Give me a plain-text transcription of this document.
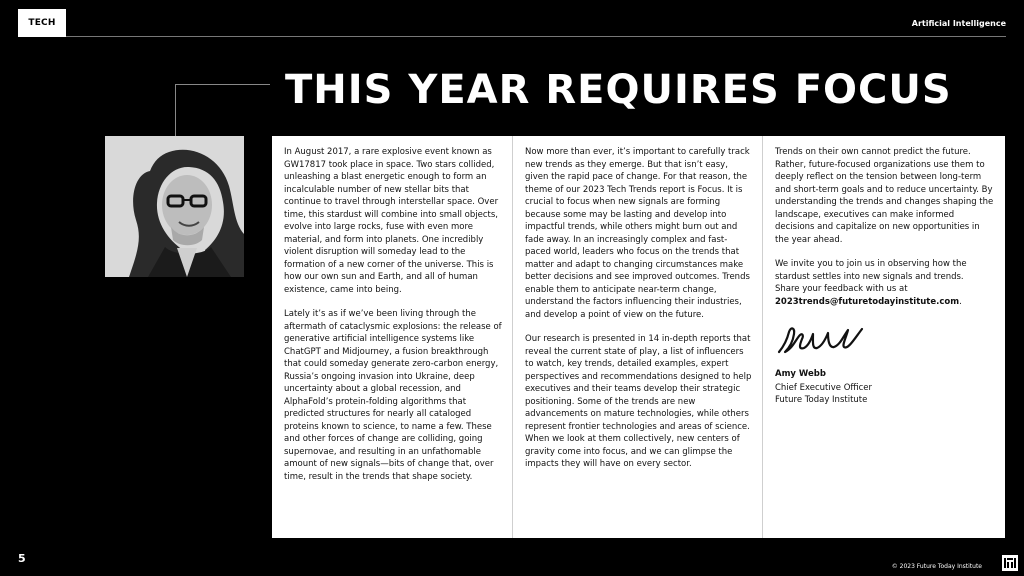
TECH	Artificial Intelligence
THIS YEAR REQUIRES FOCUS

In August 2017, a rare explosive event known as GW17817 took place in space. Two stars collided, unleashing a blast energetic enough to form an incalculable number of new stellar bits that continue to travel through interstellar space. Over time, this stardust will combine into small objects, evolve into large rocks, fuse with even more material, and form into planets. One incredibly violent disruption will someday lead to the formation of a new corner of the universe. This is how our own sun and Earth, and all of human existence, came into being.

Lately it’s as if we’ve been living through the aftermath of cataclysmic explosions: the release of generative artificial intelligence systems like ChatGPT and Midjourney, a fusion breakthrough that could someday generate zero-carbon energy, Russia’s ongoing invasion into Ukraine, deep uncertainty about a global recession, and AlphaFold’s protein-folding algorithms that predicted structures for nearly all cataloged proteins known to science, to name a few. These and other forces of change are colliding, going supernovae, and resulting in an unfathomable amount of new signals—bits of change that, over time, result in the trends that shape society.

Now more than ever, it’s important to carefully track new trends as they emerge. But that isn’t easy, given the rapid pace of change. For that reason, the theme of our 2023 Tech Trends report is Focus. It is crucial to focus when new signals are forming because some may be lasting and develop into impactful trends, while others might burn out and fade away. In an increasingly complex and fast-paced world, leaders who focus on the trends that matter and adapt to changing circumstances make better decisions and see improved outcomes. Trends enable them to anticipate near-term change, understand the factors influencing their industries, and develop a point of view on the future.

Our research is presented in 14 in-depth reports that reveal the current state of play, a list of influencers to watch, key trends, detailed examples, expert perspectives and recommendations designed to help executives and their teams develop their strategic positioning. Some of the trends are new advancements on mature technologies, while others represent frontier technologies and areas of science. When we look at them collectively, new centers of gravity come into focus, and we can glimpse the impacts they will have on every sector.

Trends on their own cannot predict the future. Rather, future-focused organizations use them to deeply reflect on the tension between long-term and short-term goals and to reduce uncertainty. By understanding the trends and changes shaping the landscape, executives can make informed decisions and capitalize on new opportunities in the year ahead.

We invite you to join us in observing how the stardust settles into new signals and trends.
Share your feedback with us at
2023trends@futuretodayinstitute.com.

Amy Webb
Chief Executive Officer
Future Today Institute
5
© 2023 Future Today Institute
